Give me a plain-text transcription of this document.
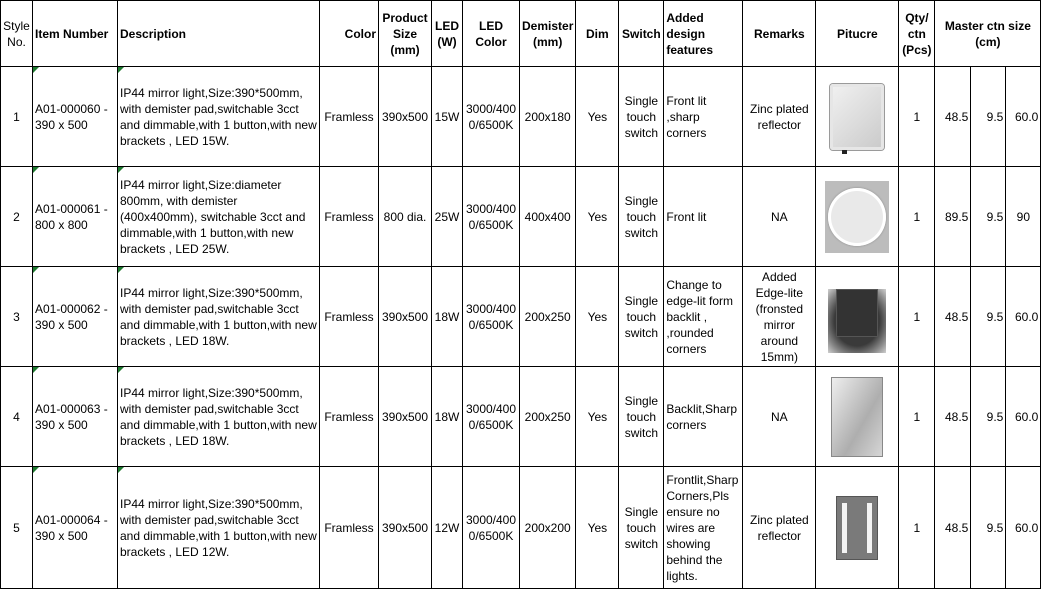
Style No.	Item Number	Description	Color	Product Size (mm)	LED (W)	LED Color	Demister (mm)	Dim	Switch	Added design features	Remarks	Pitucre	Qty/ ctn (Pcs)	Master ctn size (cm)		
1	A01-000060 - 390 x 500	IP44 mirror light,Size:390*500mm, with demister pad,switchable 3cct and dimmable,with 1 button,with new brackets , LED 15W.	Framless	390x500	15W	3000/400 0/6500K	200x180	Yes	Single touch switch	Front lit ,sharp corners	Zinc plated reflector		1	48.5	9.5	60.0
2	A01-000061 - 800 x 800	IP44 mirror light,Size:diameter 800mm, with demister (400x400mm), switchable 3cct and dimmable,with 1 button,with new brackets , LED 25W.	Framless	800 dia.	25W	3000/400 0/6500K	400x400	Yes	Single touch switch	Front lit	NA		1	89.5	9.5	90
3	A01-000062 - 390 x 500	IP44 mirror light,Size:390*500mm, with demister pad,switchable 3cct and dimmable,with 1 button,with new brackets , LED 18W.	Framless	390x500	18W	3000/400 0/6500K	200x250	Yes	Single touch switch	Change to edge-lit form backlit , ,rounded corners	Added Edge-lite (fronsted mirror around 15mm)		1	48.5	9.5	60.0
4	A01-000063 - 390 x 500	IP44 mirror light,Size:390*500mm, with demister pad,switchable 3cct and dimmable,with 1 button,with new brackets , LED 18W.	Framless	390x500	18W	3000/400 0/6500K	200x250	Yes	Single touch switch	Backlit,Sharp corners	NA		1	48.5	9.5	60.0
5	A01-000064 - 390 x 500	IP44 mirror light,Size:390*500mm, with demister pad,switchable 3cct and dimmable,with 1 button,with new brackets , LED 12W.	Framless	390x500	12W	3000/400 0/6500K	200x200	Yes	Single touch switch	Frontlit,Sharp Corners,Pls ensure no wires are showing behind the lights.	Zinc plated reflector		1	48.5	9.5	60.0
